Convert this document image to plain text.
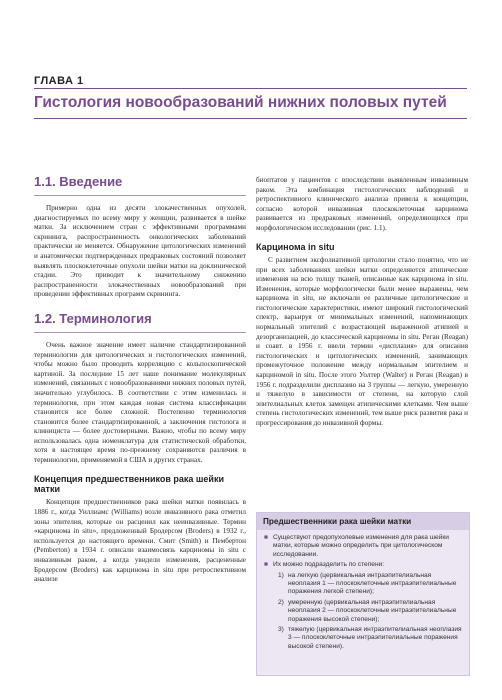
ГЛАВА 1
Гистология новообразований нижних половых путей
1.1. Введение

Примерно одна из десяти злокачественных опухолей, диагностируемых по всему миру у женщин, развивается в шейке матки. За исключением стран с эффективными программами скрининга, распространенность онкологических заболеваний практически не меняется. Обнаружение цитологических изменений и анатомически подтвержденных предраковых состояний позволяет выявлять плоскоклеточные опухоли шейки матки на доклинической стадии. Это приводит к значительному снижению распространенности злокачественных новообразований при проведении эффективных программ скрининга.

1.2. Терминология

Очень важное значение имеет наличие стандартизированной терминологии для цитологических и гистологических изменений, чтобы можно было проводить корреляцию с кольпоскопической картиной. За последние 15 лет наше понимание молекулярных изменений, связанных с новообразованиями нижних половых путей, значительно углубилось. В соответствии с этим изменилась и терминология, при этом каждая новая система классификации становится все более сложной. Постепенно терминология становится более стандартизированной, а заключения гистолога и клинициста — более достоверными. Важно, чтобы по всему миру использовалась одна номенклатура для статистической обработки, хотя в настоящее время по-прежнему сохраняются различия в терминологии, применяемой в США и других странах.

Концепция предшественников рака шейки матки

Концепция предшественников рака шейки матки появилась в 1886 г., когда Уиллиамс (Williams) возле инвазивного рака отметил зоны эпителия, которые он расценил как неинвазивные. Термин «карцинома in situ», предложенный Бродерсом (Broders) в 1932 г., используется до настоящего времени. Смит (Smith) и Пембертон (Pemberton) в 1934 г. описали взаимосвязь карциномы in situ с инвазивным раком, а когда увидели изменения, расцененные Бродерсом (Broders) как карцинома in situ при ретроспективном анализе

биоптатов у пациентов с впоследствии выявленным инвазивным раком. Эта комбинация гистологических наблюдений и ретроспективного клинического анализа привела к концепции, согласно которой инвазивная плоскоклеточная карцинома развивается из предраковых изменений, определяющихся при морфологическом исследовании (рис. 1.1).

Карцинома in situ

С развитием эксфолиативной цитологии стало понятно, что не при всех заболеваниях шейки матки определяются атипические изменения на всю толщу тканей, описанные как карцинома in situ. Изменения, которые морфологически были менее выражены, чем карцинома in situ, не включали ее различные цитологические и гистологические характеристики, имеют широкий гистологический спектр, варьируя от минимальных изменений, напоминающих нормальный эпителий с возрастающей выраженной атипией и дезорганизацией, до классической карциномы in situ. Реган (Reagan) и соавт. в 1956 г. ввели термин «дисплазия» для описания гистологических и цитологических изменений, занимающих промежуточное положение между нормальным эпителием и карциномой in situ. После этого Уолтер (Walter) и Реган (Reagan) в 1956 г. подразделили дисплазию на 3 группы — легкую, умеренную и тяжелую в зависимости от степени, на которую слой эпителиальных клеток замещен атипическими клетками. Чем выше степень гистологических изменений, тем выше риск развития рака и прогрессирования до инвазивной формы.

Предшественники рака шейки матки
■ Существуют предопухолевые изменения для рака шейки матки, которые можно определить при цитологическом исследовании.
■ Их можно подразделить по степени:
1) на легкую (цервикальная интраэпителиальная неоплазия 1 — плоскоклеточные интраэпителиальные поражения легкой степени);
2) умеренную (цервикальная интраэпителиальная неоплазия 2 — плоскоклеточные интраэпителиальные поражения высокой степени);
3) тяжелую (цервикальная интраэпителиальная неоплазия 3 — плоскоклеточные интраэпителиальные поражения высокой степени).
